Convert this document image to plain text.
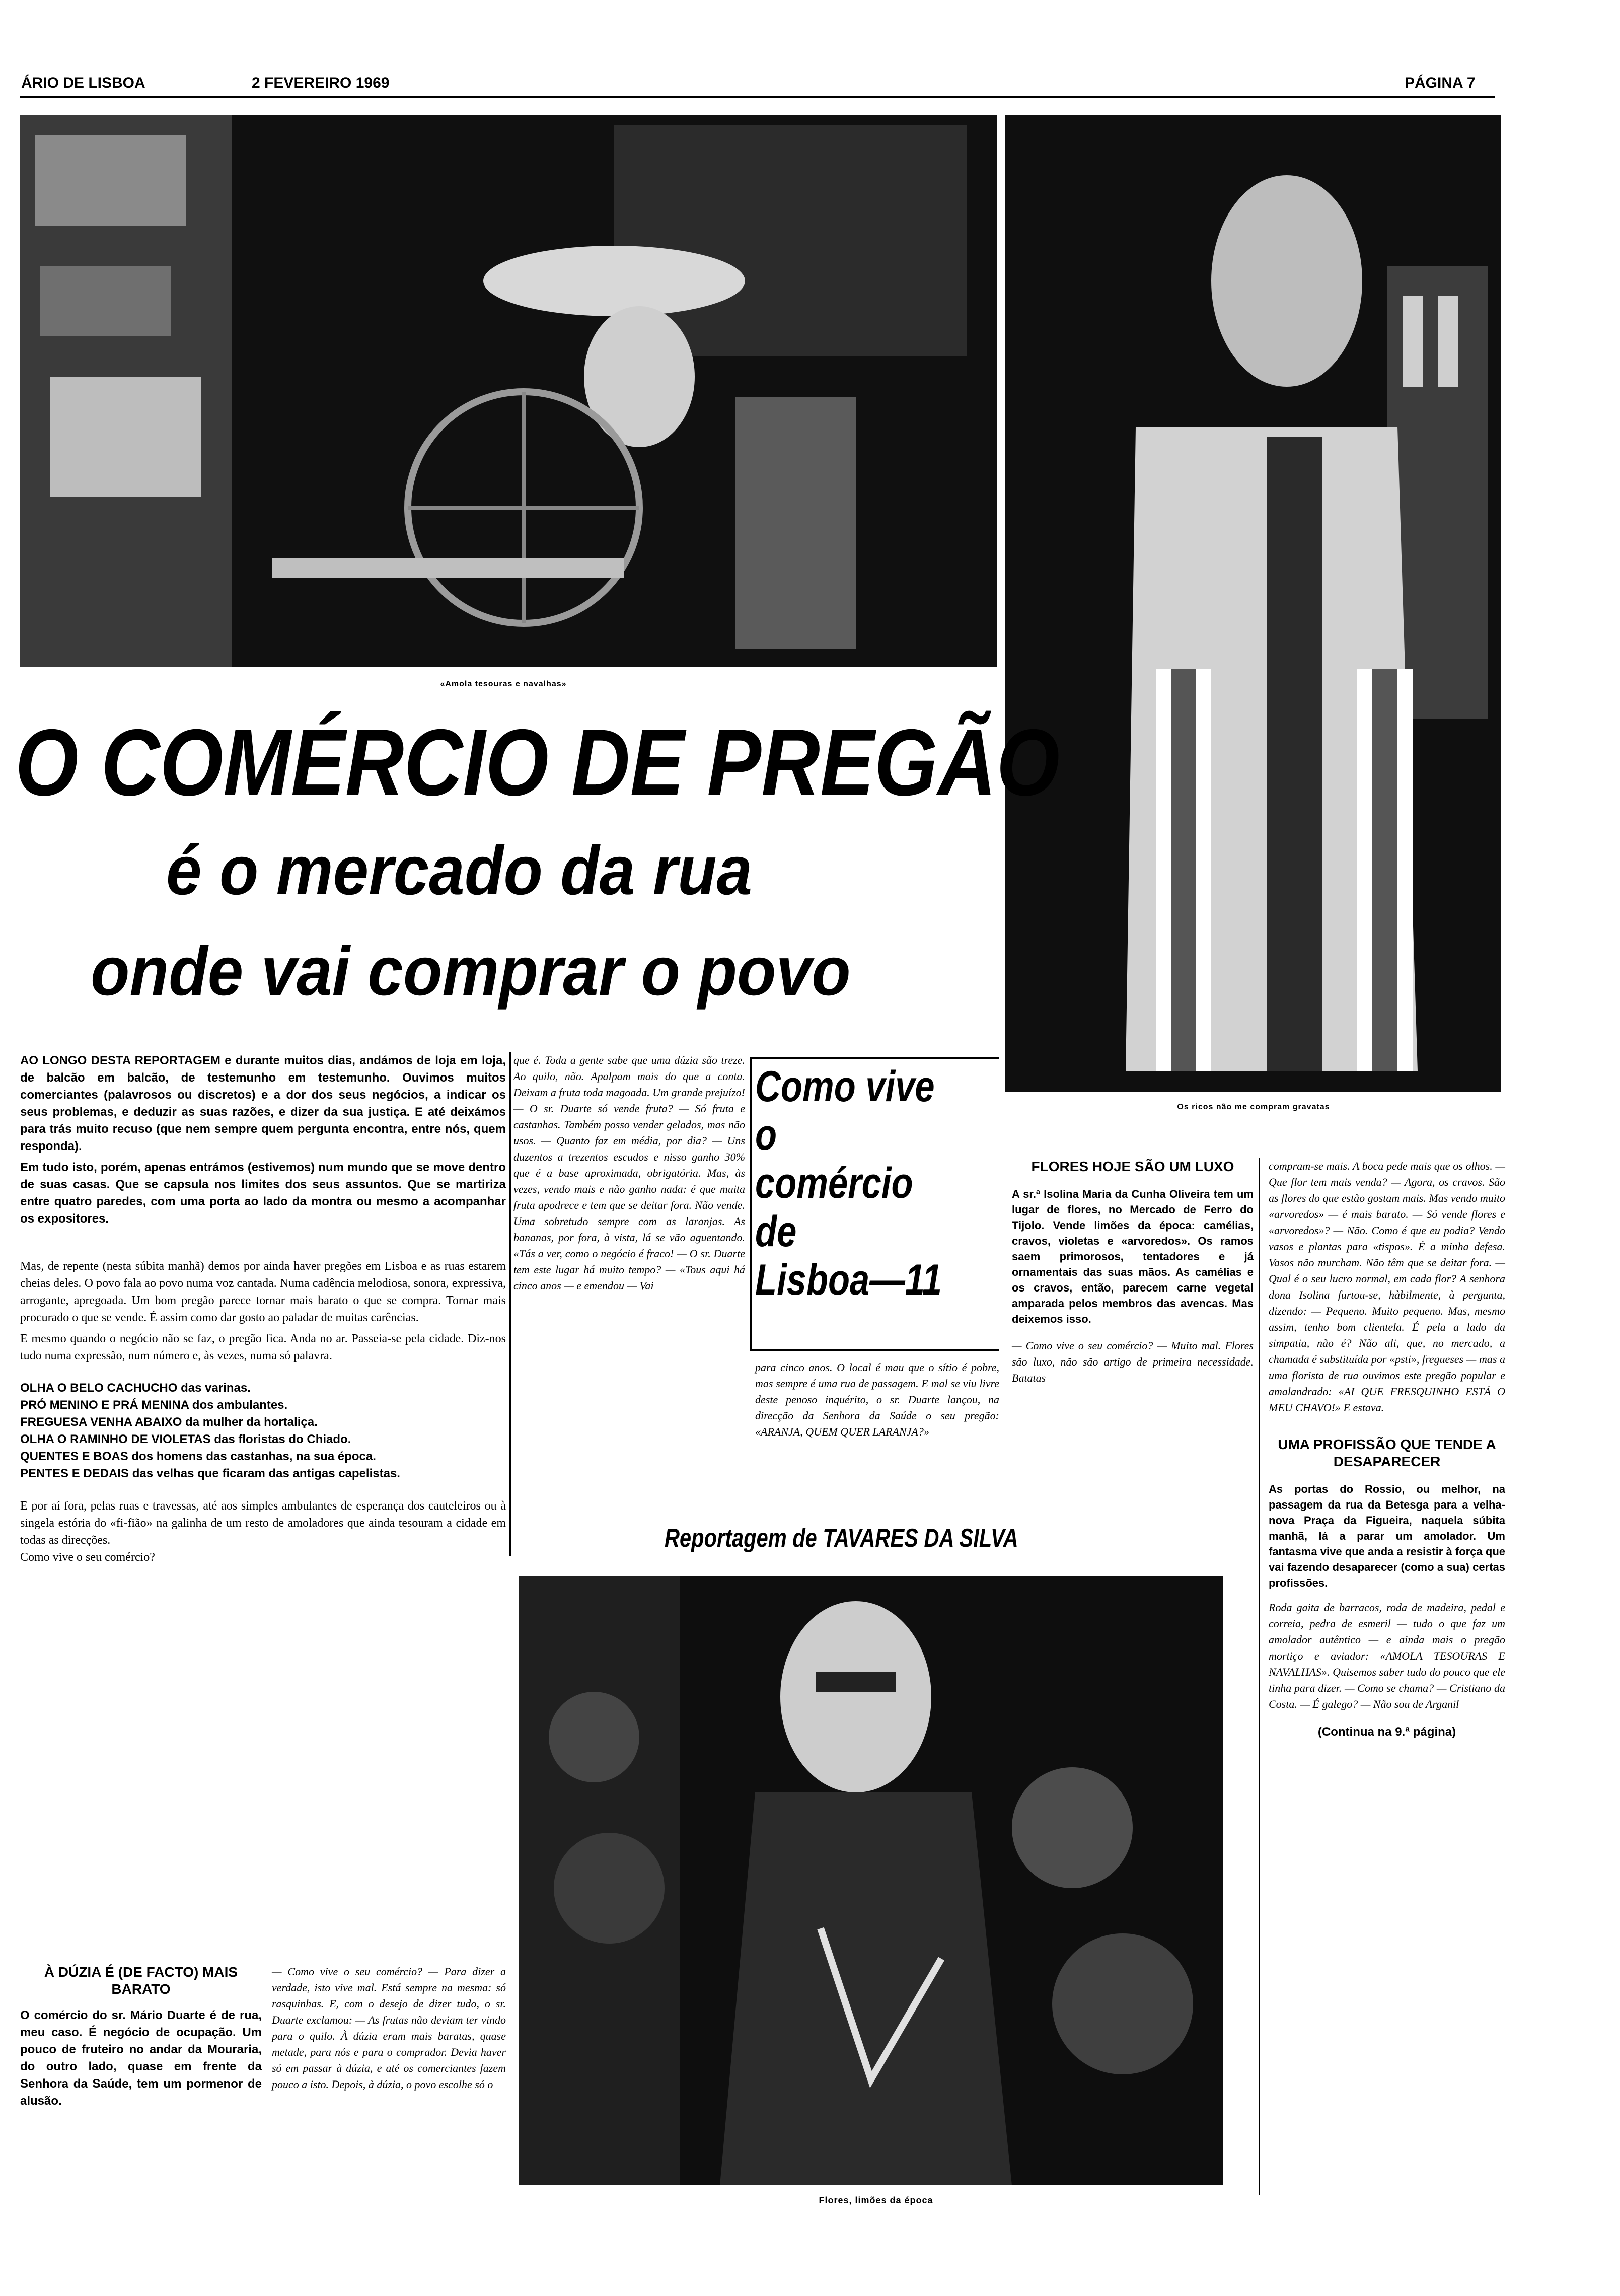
ÁRIO DE LISBOA	2 FEVEREIRO 1969	PÁGINA 7
«Amola tesouras e navalhas»
Os ricos não me compram gravatas
O COMÉRCIO DE PREGÃO
é o mercado da rua
onde vai comprar o povo

AO LONGO DESTA REPORTAGEM e durante muitos dias, andámos de loja em loja, de balcão em balcão, de testemunho em testemunho. Ouvimos muitos comerciantes (palavrosos ou discretos) e a dor dos seus negócios, a indicar os seus problemas, e deduzir as suas razões, e dizer da sua justiça. E até deixámos para trás muito recuso (que nem sempre quem pergunta encontra, entre nós, quem responda).

Em tudo isto, porém, apenas entrámos (estivemos) num mundo que se move dentro de suas casas. Que se capsula nos limites dos seus assuntos. Que se martiriza entre quatro paredes, com uma porta ao lado da montra ou mesmo a acompanhar os expositores.

Mas, de repente (nesta súbita manhã) demos por ainda haver pregões em Lisboa e as ruas estarem cheias deles. O povo fala ao povo numa voz cantada. Numa cadência melodiosa, sonora, expressiva, arrogante, apregoada. Um bom pregão parece tornar mais barato o que se compra. Tornar mais procurado o que se vende. É assim como dar gosto ao paladar de muitas carências.

E mesmo quando o negócio não se faz, o pregão fica. Anda no ar. Passeia-se pela cidade. Diz-nos tudo numa expressão, num número e, às vezes, numa só palavra.

OLHA O BELO CACHUCHO das varinas.

PRÓ MENINO E PRÁ MENINA dos ambulantes.

FREGUESA VENHA ABAIXO da mulher da hortaliça.

OLHA O RAMINHO DE VIOLETAS das floristas do Chiado.

QUENTES E BOAS dos homens das castanhas, na sua época.

PENTES E DEDAIS das velhas que ficaram das antigas capelistas.

E por aí fora, pelas ruas e travessas, até aos simples ambulantes de esperança dos cauteleiros ou à singela estória do «fi-fião» na galinha de um resto de amoladores que ainda tesouram a cidade em todas as direcções.

Como vive o seu comércio?

À DÚZIA É (DE FACTO) MAIS BARATO

O comércio do sr. Mário Duarte é de rua, meu caso. É negócio de ocupação. Um pouco de fruteiro no andar da Mouraria, do outro lado, quase em frente da Senhora da Saúde, tem um pormenor de alusão.

— Como vive o seu comércio? — Para dizer a verdade, isto vive mal. Está sempre na mesma: só rasquinhas. E, com o desejo de dizer tudo, o sr. Duarte exclamou: — As frutas não deviam ter vindo para o quilo. À dúzia eram mais baratas, quase metade, para nós e para o comprador. Devia haver só em passar à dúzia, e até os comerciantes fazem pouco a isto. Depois, à dúzia, o povo escolhe só o

que é. Toda a gente sabe que uma dúzia são treze. Ao quilo, não. Apalpam mais do que a conta. Deixam a fruta toda magoada. Um grande prejuízo! — O sr. Duarte só vende fruta? — Só fruta e castanhas. Também posso vender gelados, mas não usos. — Quanto faz em média, por dia? — Uns duzentos a trezentos escudos e nisso ganho 30% que é a base aproximada, obrigatória. Mas, às vezes, vendo mais e não ganho nada: é que muita fruta apodrece e tem que se deitar fora. Não vende. Uma sobretudo sempre com as laranjas. As bananas, por fora, à vista, lá se vão aguentando. «Tás a ver, como o negócio é fraco! — O sr. Duarte tem este lugar há muito tempo? — «Tous aqui há cinco anos — e emendou — Vai

Como vive
o
comércio
de
Lisboa—11

para cinco anos. O local é mau que o sítio é pobre, mas sempre é uma rua de passagem. E mal se viu livre deste penoso inquérito, o sr. Duarte lançou, na direcção da Senhora da Saúde o seu pregão: «ARANJA, QUEM QUER LARANJA?»

Reportagem de TAVARES DA SILVA
Flores, limões da época

FLORES HOJE SÃO UM LUXO

A sr.ª Isolina Maria da Cunha Oliveira tem um lugar de flores, no Mercado de Ferro do Tijolo. Vende limões da época: camélias, cravos, violetas e «arvoredos». Os ramos saem primorosos, tentadores e já ornamentais das suas mãos. As camélias e os cravos, então, parecem carne vegetal amparada pelos membros das avencas. Mas deixemos isso.

— Como vive o seu comércio? — Muito mal. Flores são luxo, não são artigo de primeira necessidade. Batatas

compram-se mais. A boca pede mais que os olhos. — Que flor tem mais venda? — Agora, os cravos. São as flores do que estão gostam mais. Mas vendo muito «arvoredos» — é mais barato. — Só vende flores e «arvoredos»? — Não. Como é que eu podia? Vendo vasos e plantas para «tispos». É a minha defesa. Vasos não murcham. Não têm que se deitar fora. — Qual é o seu lucro normal, em cada flor? A senhora dona Isolina furtou-se, hàbilmente, à pergunta, dizendo: — Pequeno. Muito pequeno. Mas, mesmo assim, tenho bom clientela. É pela a lado da simpatia, não é? Não ali, que, no mercado, a chamada é substituída por «psti», fregueses — mas a uma florista de rua ouvimos este pregão popular e amalandrado: «AI QUE FRESQUINHO ESTÁ O MEU CHAVO!» E estava.

UMA PROFISSÃO QUE TENDE A DESAPARECER

As portas do Rossio, ou melhor, na passagem da rua da Betesga para a velha-nova Praça da Figueira, naquela súbita manhã, lá a parar um amolador. Um fantasma vive que anda a resistir à força que vai fazendo desaparecer (como a sua) certas profissões.

Roda gaita de barracos, roda de madeira, pedal e correia, pedra de esmeril — tudo o que faz um amolador autêntico — e ainda mais o pregão mortiço e aviador: «AMOLA TESOURAS E NAVALHAS». Quisemos saber tudo do pouco que ele tinha para dizer. — Como se chama? — Cristiano da Costa. — É galego? — Não sou de Arganil

(Continua na 9.ª página)
